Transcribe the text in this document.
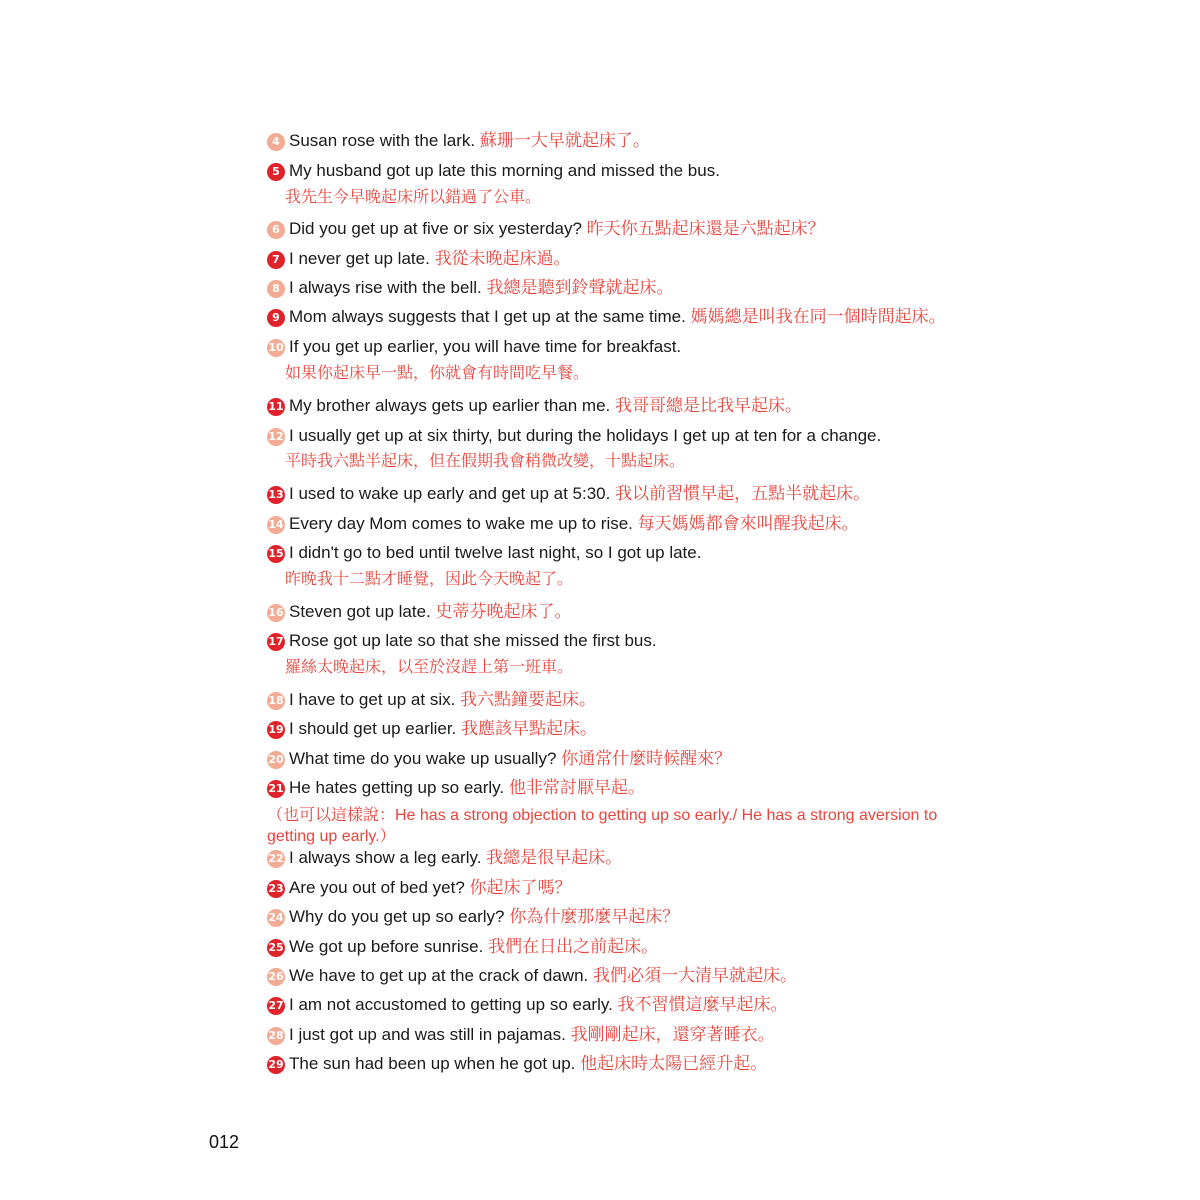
4 Susan rose with the lark. 蘇珊一大早就起床了。
5 My husband got up late this morning and missed the bus.
我先生今早晚起床所以錯過了公車。
6 Did you get up at five or six yesterday? 昨天你五點起床還是六點起床？
7 I never get up late. 我從未晚起床過。
8 I always rise with the bell. 我總是聽到鈴聲就起床。
9 Mom always suggests that I get up at the same time. 媽媽總是叫我在同一個時間起床。
10 If you get up earlier, you will have time for breakfast.
如果你起床早一點，你就會有時間吃早餐。
11 My brother always gets up earlier than me. 我哥哥總是比我早起床。
12 I usually get up at six thirty, but during the holidays I get up at ten for a change.
平時我六點半起床，但在假期我會稍微改變，十點起床。
13 I used to wake up early and get up at 5:30. 我以前習慣早起，五點半就起床。
14 Every day Mom comes to wake me up to rise. 每天媽媽都會來叫醒我起床。
15 I didn't go to bed until twelve last night, so I got up late.
昨晚我十二點才睡覺，因此今天晚起了。
16 Steven got up late. 史蒂芬晚起床了。
17 Rose got up late so that she missed the first bus.
羅絲太晚起床，以至於沒趕上第一班車。
18 I have to get up at six. 我六點鐘要起床。
19 I should get up earlier. 我應該早點起床。
20 What time do you wake up usually? 你通常什麼時候醒來？
21 He hates getting up so early. 他非常討厭早起。
（也可以這樣說：He has a strong objection to getting up so early./ He has a strong aversion to getting up early.）
22 I always show a leg early. 我總是很早起床。
23 Are you out of bed yet? 你起床了嗎？
24 Why do you get up so early? 你為什麼那麼早起床？
25 We got up before sunrise. 我們在日出之前起床。
26 We have to get up at the crack of dawn. 我們必須一大清早就起床。
27 I am not accustomed to getting up so early. 我不習慣這麼早起床。
28 I just got up and was still in pajamas. 我剛剛起床，還穿著睡衣。
29 The sun had been up when he got up. 他起床時太陽已經升起。
012
